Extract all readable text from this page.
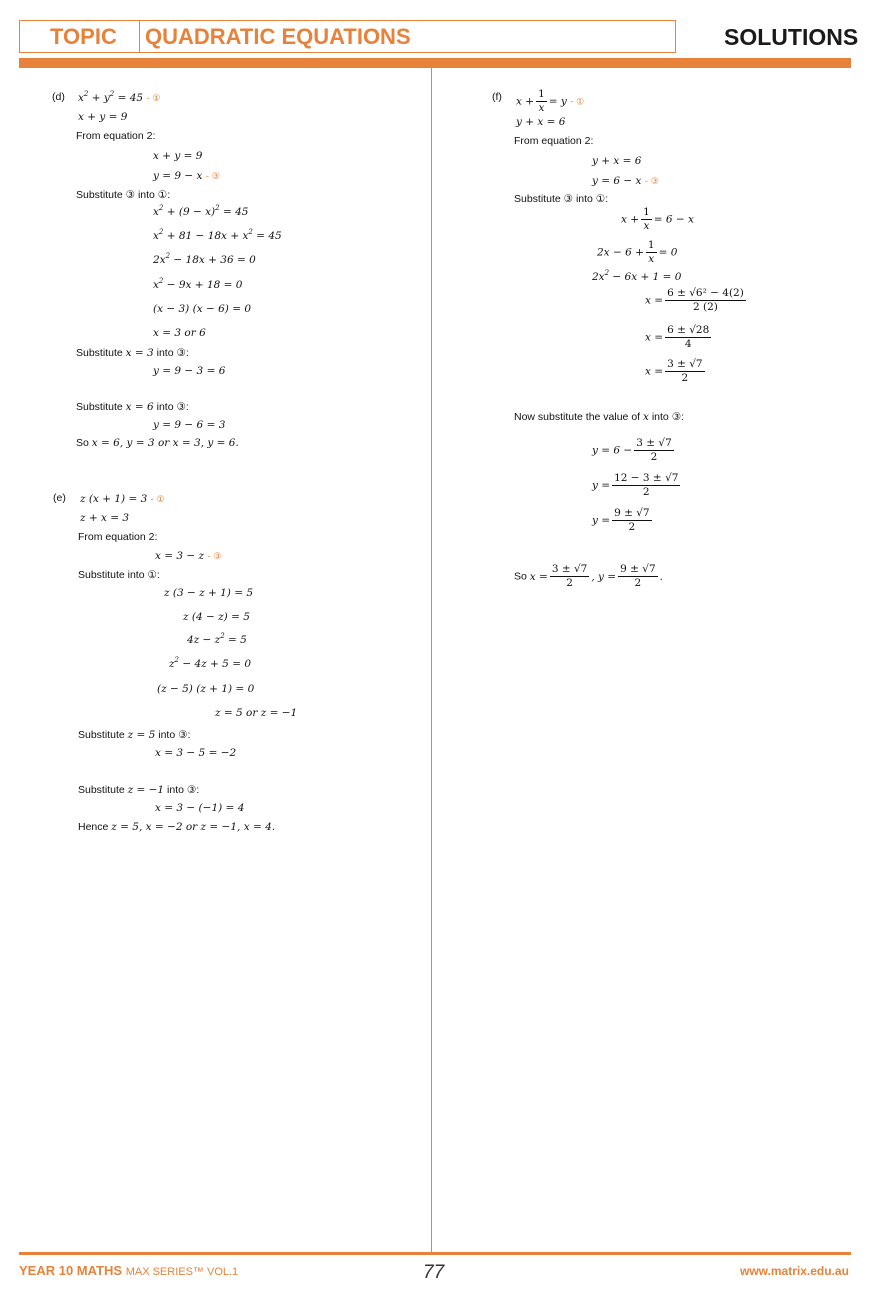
TOPIC QUADRATIC EQUATIONS	SOLUTIONS
(d) $x^2 + y^2 = 45$ - ①
x + y = 9
From equation 2:
x + y = 9
y = 9 − x - ③
Substitute ③ into ①:
$x^2 + (9 - x)^2 = 45$
$x^2 + 81 - 18x + x^2 = 45$
$2x^2 - 18x + 36 = 0$
$x^2 - 9x + 18 = 0$
(x − 3) (x − 6) = 0
x = 3 or 6
Substitute x = 3 into ③:
y = 9 − 3 = 6
Substitute x = 6 into ③:
y = 9 − 6 = 3
So x = 6, y = 3 or x = 3, y = 6.
(e) z (x + 1) = 3 - ①
z + x = 3
From equation 2:
x = 3 − z - ③
Substitute into ①:
z (3 − z + 1) = 5
z (4 − z) = 5
$4z - z^2 = 5$
$z^2 - 4z + 5 = 0$
(z − 5) (z + 1) = 0
z = 5 or z = −1
Substitute z = 5 into ③:
x = 3 − 5 = −2
Substitute z = −1 into ③:
x = 3 − (−1) = 4
Hence z = 5, x = −2 or z = −1, x = 4.
(f) $x + \frac{1}{x} = y$ - ①
y + x = 6
From equation 2:
y + x = 6
y = 6 − x - ③
Substitute ③ into ①:
$x + \frac{1}{x} = 6 - x$
$2x - 6 + \frac{1}{x} = 0$
$2x^2 - 6x + 1 = 0$
$x = \frac{\text{6 ± √6² − 4(2)}}{2 (2)}$
$x = \frac{6 \pm √28}{4}$
$x = \frac{3 \pm √7}{2}$
Now substitute the value of x into ③:
$y = 6 - \frac{3 \pm √7}{2}$
$y = \frac{12 - 3 \pm √7}{2}$
$y = \frac{9 \pm √7}{2}$
So $x = \frac{3 \pm √7}{2}$ , $y = \frac{9 \pm √7}{2}$ .
YEAR 10 MATHS MAX SERIES™ VOL.1	77	www.matrix.edu.au
